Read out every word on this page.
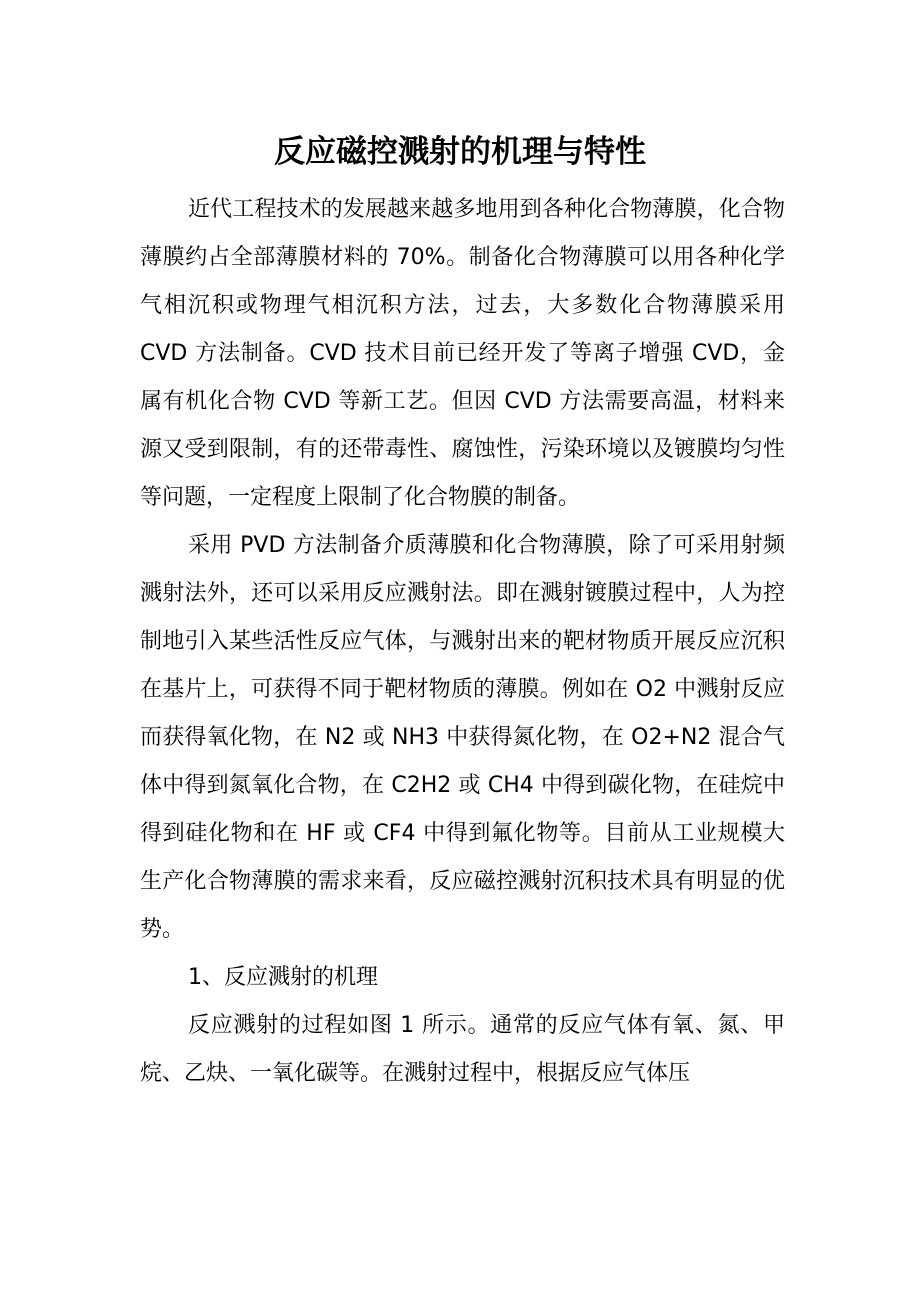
反应磁控溅射的机理与特性

近代工程技术的发展越来越多地用到各种化合物薄膜，化合物薄膜约占全部薄膜材料的 70%。制备化合物薄膜可以用各种化学气相沉积或物理气相沉积方法，过去，大多数化合物薄膜采用 CVD 方法制备。CVD 技术目前已经开发了等离子增强 CVD，金属有机化合物 CVD 等新工艺。但因 CVD 方法需要高温，材料来源又受到限制，有的还带毒性、腐蚀性，污染环境以及镀膜均匀性等问题，一定程度上限制了化合物膜的制备。

采用 PVD 方法制备介质薄膜和化合物薄膜，除了可采用射频溅射法外，还可以采用反应溅射法。即在溅射镀膜过程中，人为控制地引入某些活性反应气体，与溅射出来的靶材物质开展反应沉积在基片上，可获得不同于靶材物质的薄膜。例如在 O2 中溅射反应而获得氧化物，在 N2 或 NH3 中获得氮化物，在 O2+N2 混合气体中得到氮氧化合物，在 C2H2 或 CH4 中得到碳化物，在硅烷中得到硅化物和在 HF 或 CF4 中得到氟化物等。目前从工业规模大生产化合物薄膜的需求来看，反应磁控溅射沉积技术具有明显的优势。

1、反应溅射的机理

反应溅射的过程如图 1 所示。通常的反应气体有氧、氮、甲烷、乙炔、一氧化碳等。在溅射过程中，根据反应气体压
